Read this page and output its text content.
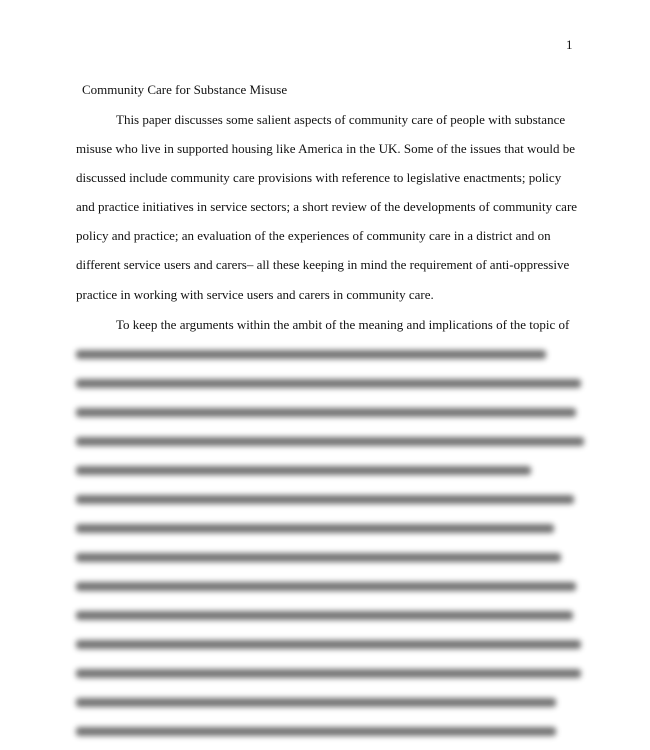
1
Community Care for Substance Misuse
This paper discusses some salient aspects of community care of people with substance
misuse who live in supported housing like America in the UK. Some of the issues that would be
discussed include community care provisions with reference to legislative enactments; policy
and practice initiatives in service sectors; a short review of the developments of community care
policy and practice; an evaluation of the experiences of community care in a district and on
different service users and carers– all these keeping in mind the requirement of anti-oppressive
practice in working with service users and carers in community care.
To keep the arguments within the ambit of the meaning and implications of the topic of
